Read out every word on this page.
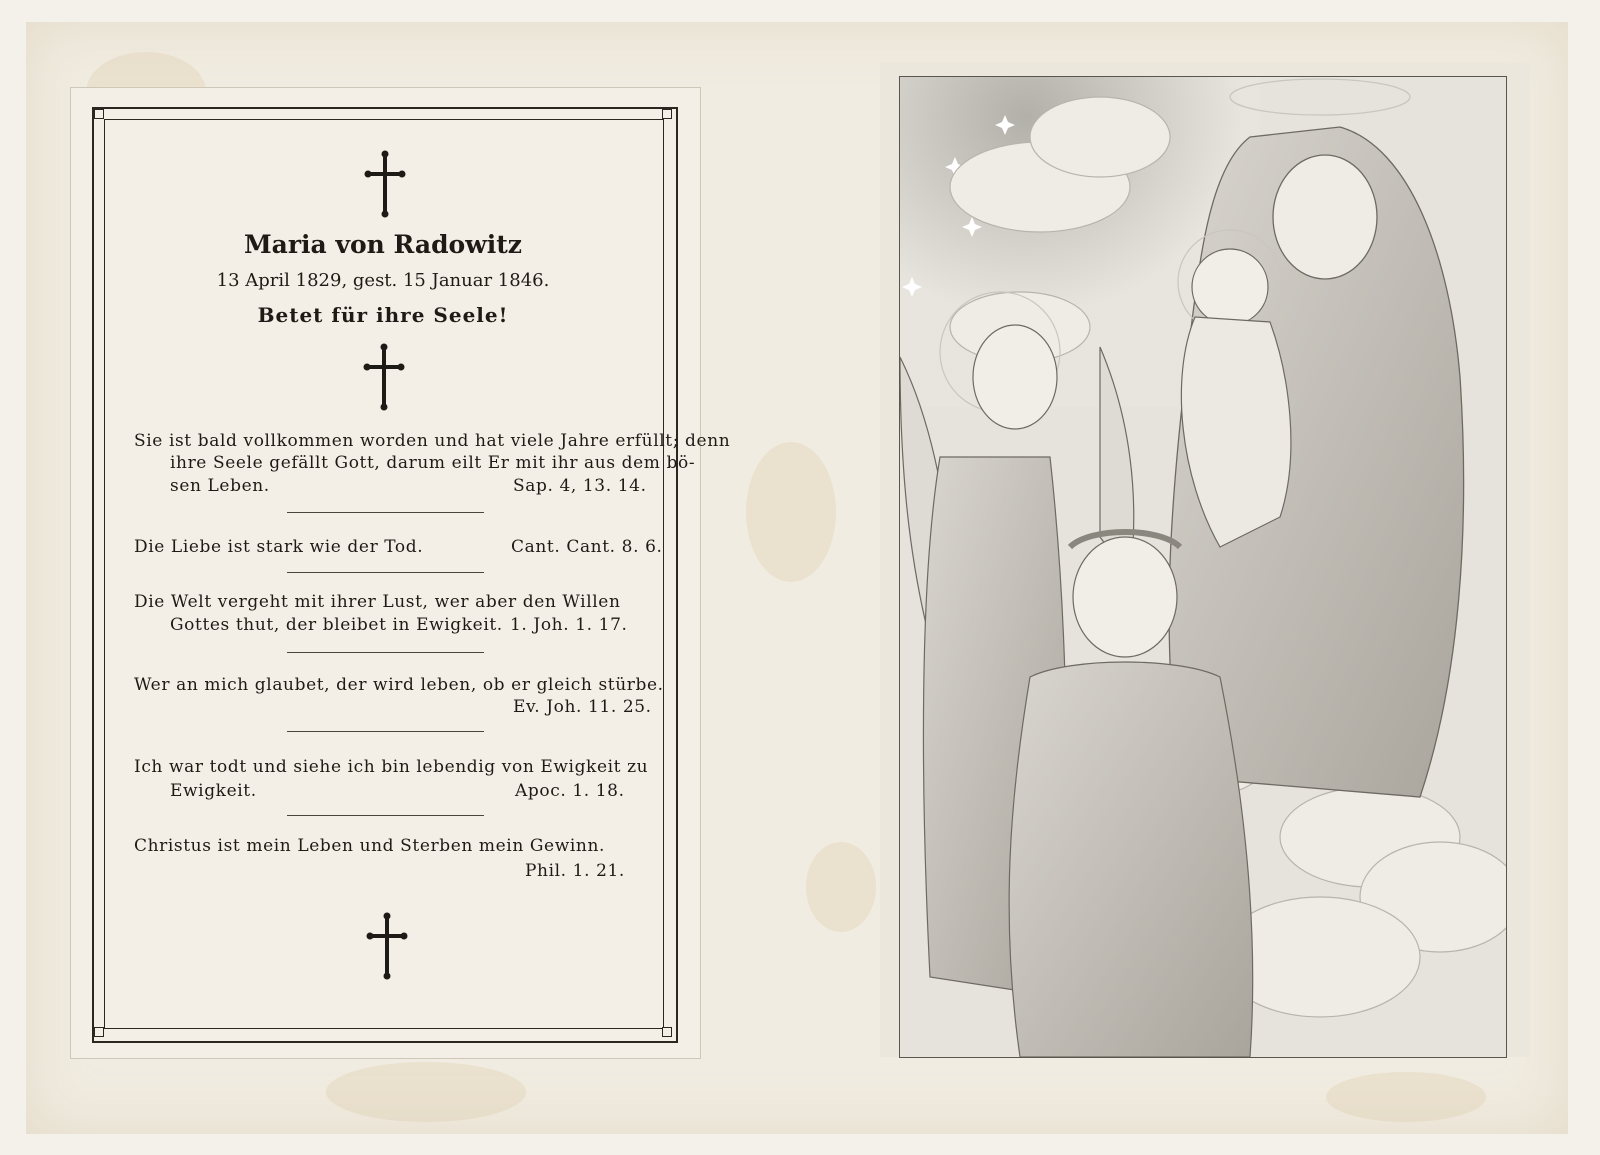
Maria von Radowitz
13 April 1829, gest. 15 Januar 1846.
Betet für ihre Seele!
Sie ist bald vollkommen worden und hat viele Jahre erfüllt; denn
ihre Seele gefällt Gott, darum eilt Er mit ihr aus dem bö-
sen Leben.	Sap. 4, 13. 14.
Die Liebe ist stark wie der Tod.	Cant. Cant. 8. 6.
Die Welt vergeht mit ihrer Lust, wer aber den Willen
Gottes thut, der bleibet in Ewigkeit. 1. Joh. 1. 17.
Wer an mich glaubet, der wird leben, ob er gleich stürbe.
Ev. Joh. 11. 25.
Ich war todt und siehe ich bin lebendig von Ewigkeit zu
Ewigkeit.	Apoc. 1. 18.
Christus ist mein Leben und Sterben mein Gewinn.
Phil. 1. 21.
